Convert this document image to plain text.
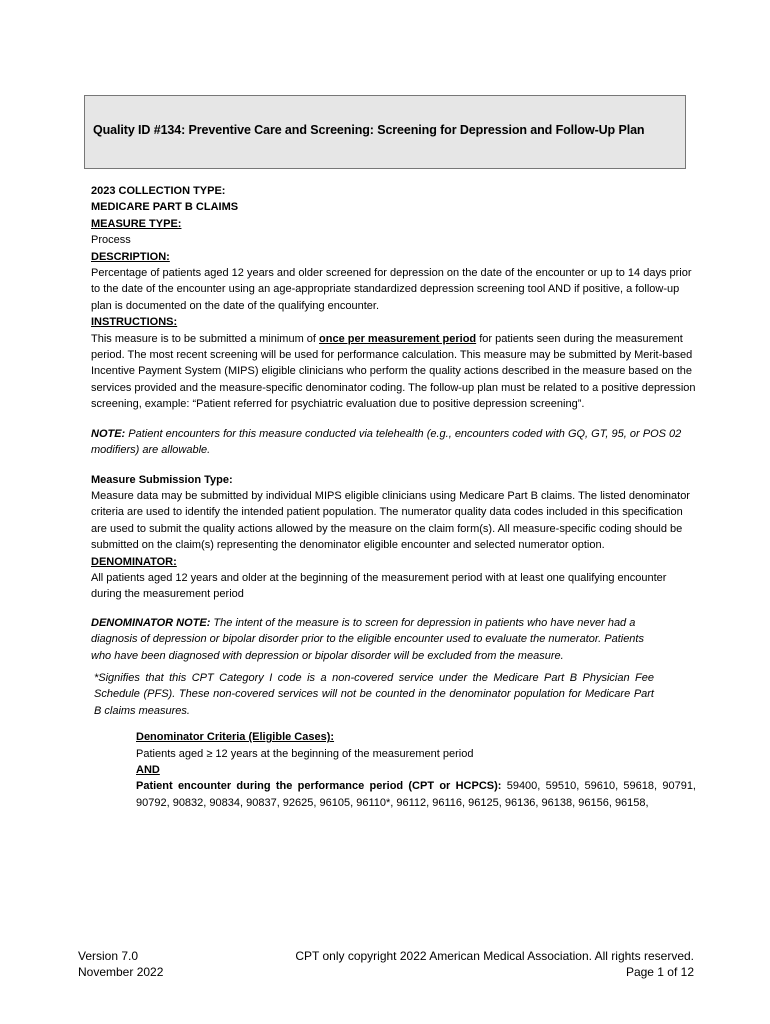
Quality ID #134: Preventive Care and Screening: Screening for Depression and Follow-Up Plan

2023 COLLECTION TYPE:

MEDICARE PART B CLAIMS

MEASURE TYPE:

Process

DESCRIPTION:

Percentage of patients aged 12 years and older screened for depression on the date of the encounter or up to 14 days prior to the date of the encounter using an age-appropriate standardized depression screening tool AND if positive, a follow-up plan is documented on the date of the qualifying encounter.

INSTRUCTIONS:

This measure is to be submitted a minimum of once per measurement period for patients seen during the measurement period. The most recent screening will be used for performance calculation. This measure may be submitted by Merit-based Incentive Payment System (MIPS) eligible clinicians who perform the quality actions described in the measure based on the services provided and the measure-specific denominator coding. The follow-up plan must be related to a positive depression screening, example: “Patient referred for psychiatric evaluation due to positive depression screening”.

NOTE: Patient encounters for this measure conducted via telehealth (e.g., encounters coded with GQ, GT, 95, or POS 02 modifiers) are allowable.

Measure Submission Type:

Measure data may be submitted by individual MIPS eligible clinicians using Medicare Part B claims. The listed denominator criteria are used to identify the intended patient population. The numerator quality data codes included in this specification are used to submit the quality actions allowed by the measure on the claim form(s). All measure-specific coding should be submitted on the claim(s) representing the denominator eligible encounter and selected numerator option.

DENOMINATOR:

All patients aged 12 years and older at the beginning of the measurement period with at least one qualifying encounter during the measurement period

DENOMINATOR NOTE: The intent of the measure is to screen for depression in patients who have never had a diagnosis of depression or bipolar disorder prior to the eligible encounter used to evaluate the numerator. Patients who have been diagnosed with depression or bipolar disorder will be excluded from the measure.

*Signifies that this CPT Category I code is a non-covered service under the Medicare Part B Physician Fee Schedule (PFS). These non-covered services will not be counted in the denominator population for Medicare Part B claims measures.

Denominator Criteria (Eligible Cases):

Patients aged ≥ 12 years at the beginning of the measurement period

AND

Patient encounter during the performance period (CPT or HCPCS): 59400, 59510, 59610, 59618, 90791, 90792, 90832, 90834, 90837, 92625, 96105, 96110*, 96112, 96116, 96125, 96136, 96138, 96156, 96158,

Version 7.0
November 2022
CPT only copyright 2022 American Medical Association. All rights reserved.
Page 1 of 12
